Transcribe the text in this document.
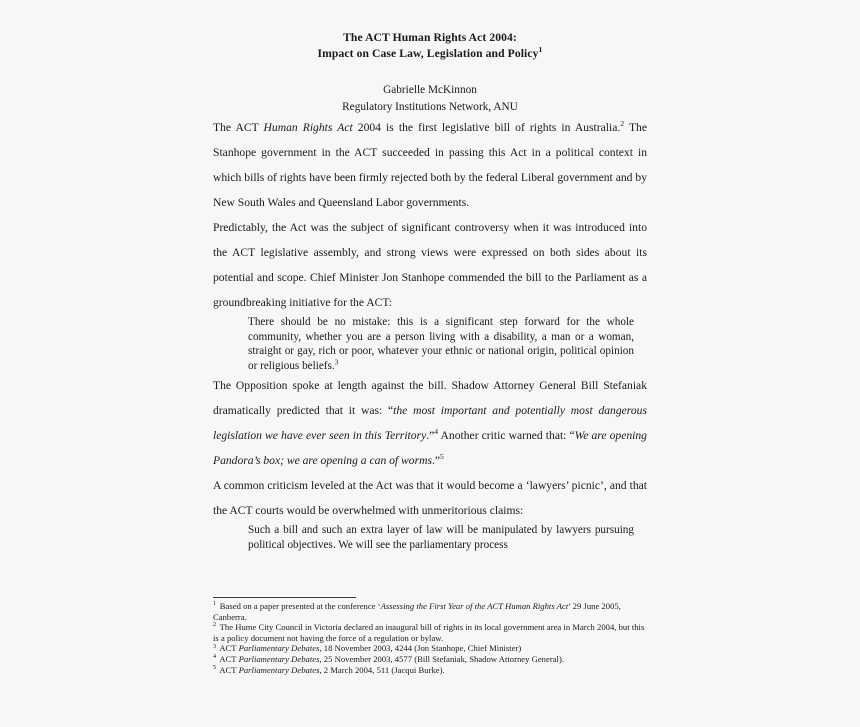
The ACT Human Rights Act 2004:
Impact on Case Law, Legislation and Policy$^1$
Gabrielle McKinnon
Regulatory Institutions Network, ANU

The ACT Human Rights Act 2004 is the first legislative bill of rights in Australia.$^2$ The Stanhope government in the ACT succeeded in passing this Act in a political context in which bills of rights have been firmly rejected both by the federal Liberal government and by New South Wales and Queensland Labor governments.

Predictably, the Act was the subject of significant controversy when it was introduced into the ACT legislative assembly, and strong views were expressed on both sides about its potential and scope. Chief Minister Jon Stanhope commended the bill to the Parliament as a groundbreaking initiative for the ACT:

There should be no mistake: this is a significant step forward for the whole community, whether you are a person living with a disability, a man or a woman, straight or gay, rich or poor, whatever your ethnic or national origin, political opinion or religious beliefs.$^3$

The Opposition spoke at length against the bill. Shadow Attorney General Bill Stefaniak dramatically predicted that it was: “the most important and potentially most dangerous legislation we have ever seen in this Territory.”$^4$ Another critic warned that: “We are opening Pandora’s box; we are opening a can of worms.”$^5$

A common criticism leveled at the Act was that it would become a ‘lawyers’ picnic’, and that the ACT courts would be overwhelmed with unmeritorious claims:

Such a bill and such an extra layer of law will be manipulated by lawyers pursuing political objectives. We will see the parliamentary process

$^1$ Based on a paper presented at the conference ‘Assessing the First Year of the ACT Human Rights Act’ 29 June 2005, Canberra.

$^2$ The Hume City Council in Victoria declared an inaugural bill of rights in its local government area in March 2004, but this is a policy document not having the force of a regulation or bylaw.

$^3$ ACT Parliamentary Debates, 18 November 2003, 4244 (Jon Stanhope, Chief Minister)

$^4$ ACT Parliamentary Debates, 25 November 2003, 4577 (Bill Stefaniak, Shadow Attorney General).

$^5$ ACT Parliamentary Debates, 2 March 2004, 511 (Jacqui Burke).
